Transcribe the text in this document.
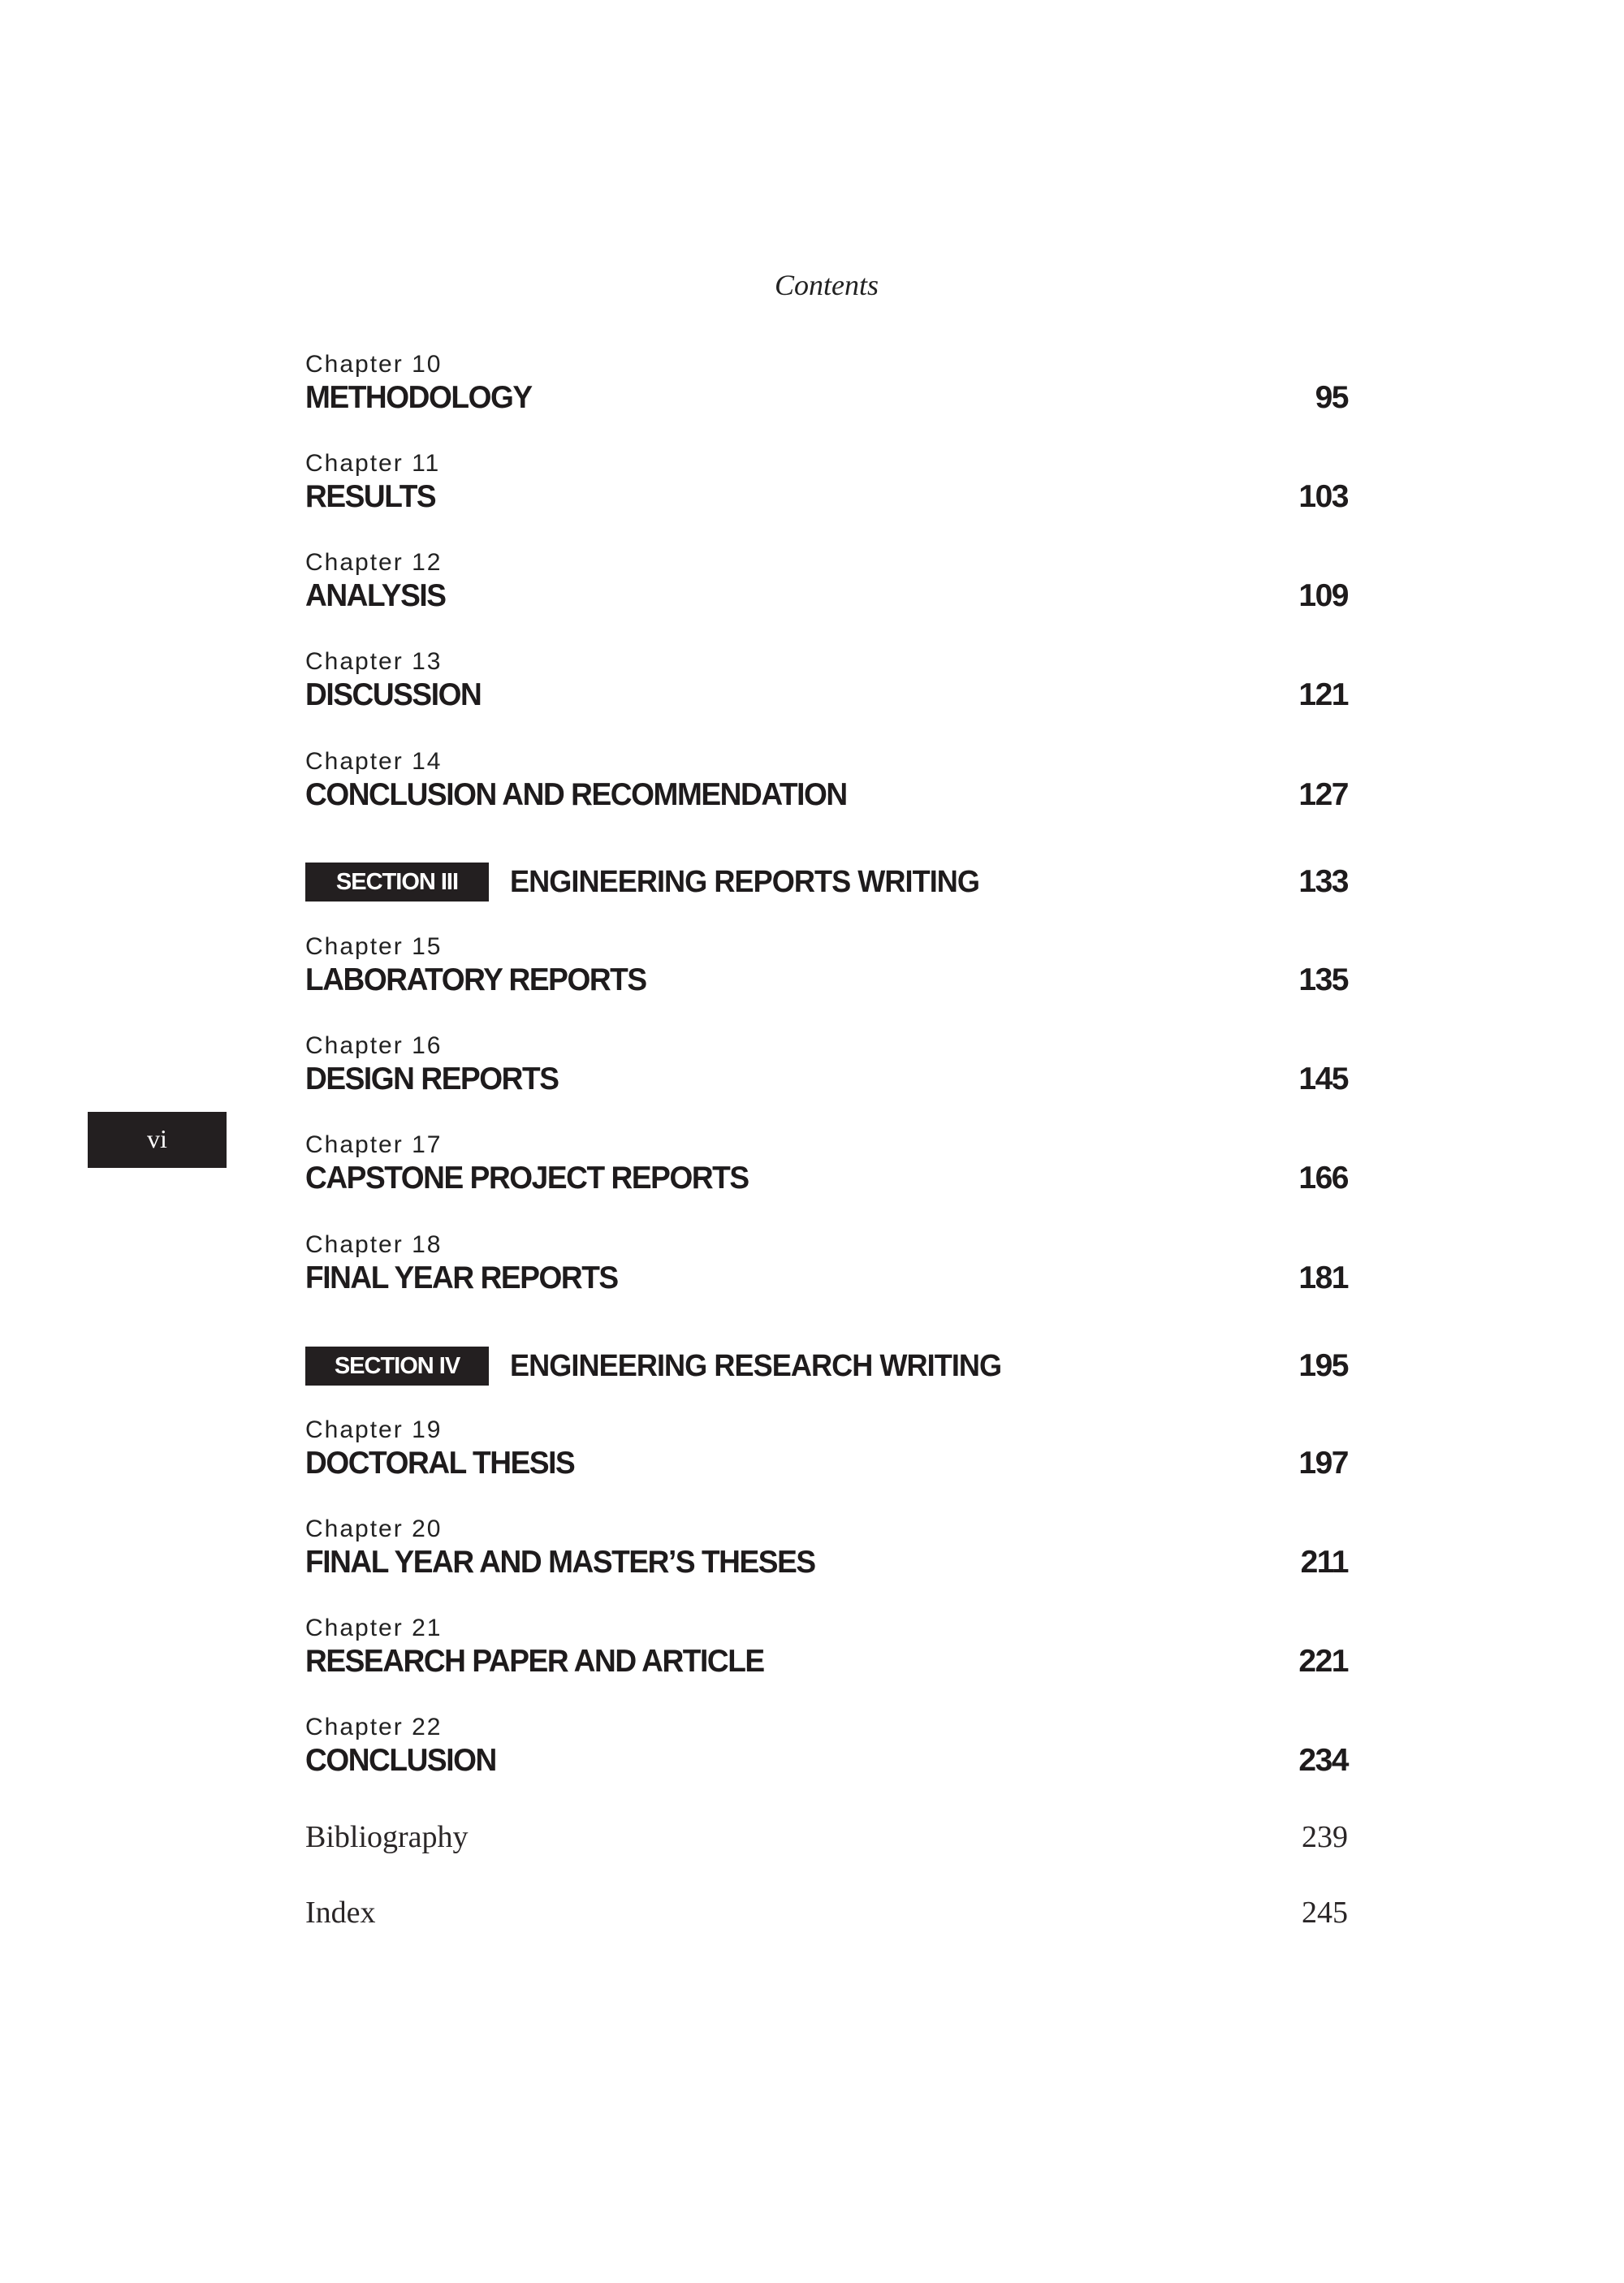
Contents
Chapter 10
METHODOLOGY	95
Chapter 11
RESULTS	103
Chapter 12
ANALYSIS	109
Chapter 13
DISCUSSION	121
Chapter 14
CONCLUSION AND RECOMMENDATION	127
SECTION III	ENGINEERING REPORTS WRITING	133
Chapter 15
LABORATORY REPORTS	135
Chapter 16
DESIGN REPORTS	145
Chapter 17
CAPSTONE PROJECT REPORTS	166
Chapter 18
FINAL YEAR REPORTS	181
SECTION IV	ENGINEERING RESEARCH WRITING	195
Chapter 19
DOCTORAL THESIS	197
Chapter 20
FINAL YEAR AND MASTER’S THESES	211
Chapter 21
RESEARCH PAPER AND ARTICLE	221
Chapter 22
CONCLUSION	234
Bibliography	239
Index	245
vi
